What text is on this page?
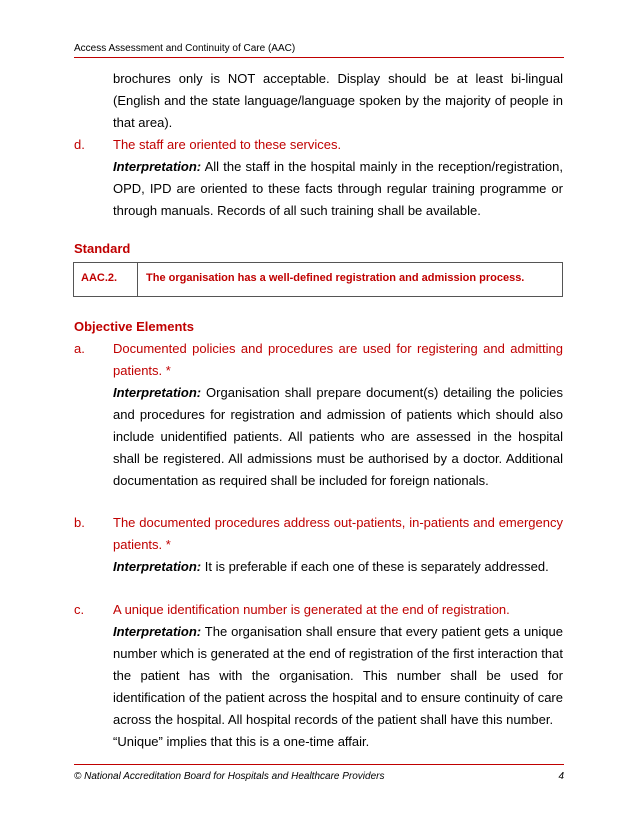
Access Assessment and Continuity of Care (AAC)

brochures only is NOT acceptable. Display should be at least bi-lingual (English and the state language/language spoken by the majority of people in that area).

d. The staff are oriented to these services.

Interpretation: All the staff in the hospital mainly in the reception/registration, OPD, IPD are oriented to these facts through regular training programme or through manuals. Records of all such training shall be available.

Standard
AAC.2.	The organisation has a well-defined registration and admission process.
Objective Elements
a. Documented policies and procedures are used for registering and admitting patients. *

Interpretation: Organisation shall prepare document(s) detailing the policies and procedures for registration and admission of patients which should also include unidentified patients. All patients who are assessed in the hospital shall be registered. All admissions must be authorised by a doctor. Additional documentation as required shall be included for foreign nationals.

b. The documented procedures address out-patients, in-patients and emergency patients. *

Interpretation: It is preferable if each one of these is separately addressed.

c. A unique identification number is generated at the end of registration.

Interpretation: The organisation shall ensure that every patient gets a unique number which is generated at the end of registration of the first interaction that the patient has with the organisation. This number shall be used for identification of the patient across the hospital and to ensure continuity of care across the hospital. All hospital records of the patient shall have this number.

“Unique” implies that this is a one-time affair.

© National Accreditation Board for Hospitals and Healthcare Providers	4
